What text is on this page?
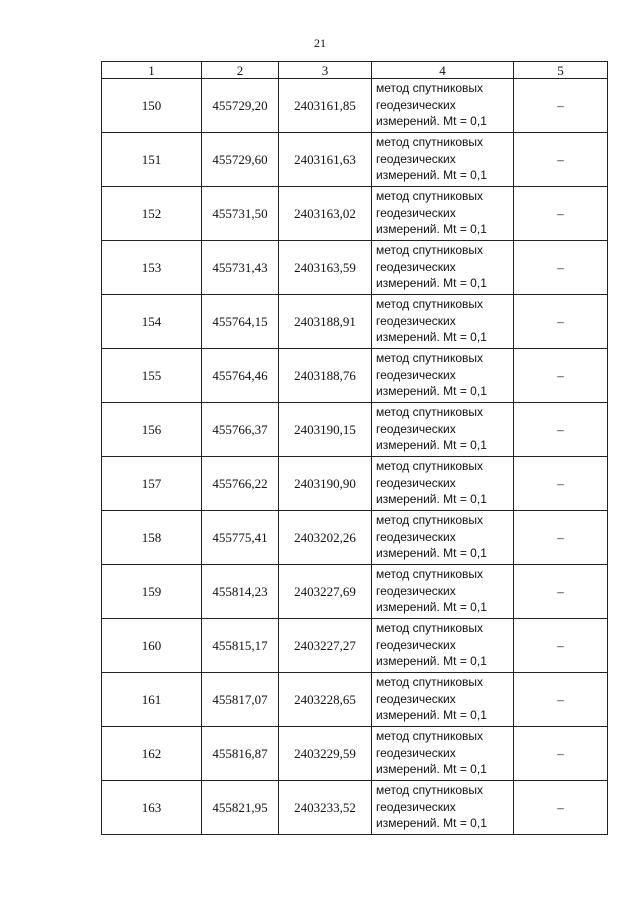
21
1	2	3	4	5
150	455729,20	2403161,85	метод спутниковых
геодезических
измерений. Mt = 0,1	–
151	455729,60	2403161,63	метод спутниковых
геодезических
измерений. Mt = 0,1	–
152	455731,50	2403163,02	метод спутниковых
геодезических
измерений. Mt = 0,1	–
153	455731,43	2403163,59	метод спутниковых
геодезических
измерений. Mt = 0,1	–
154	455764,15	2403188,91	метод спутниковых
геодезических
измерений. Mt = 0,1	–
155	455764,46	2403188,76	метод спутниковых
геодезических
измерений. Mt = 0,1	–
156	455766,37	2403190,15	метод спутниковых
геодезических
измерений. Mt = 0,1	–
157	455766,22	2403190,90	метод спутниковых
геодезических
измерений. Mt = 0,1	–
158	455775,41	2403202,26	метод спутниковых
геодезических
измерений. Mt = 0,1	–
159	455814,23	2403227,69	метод спутниковых
геодезических
измерений. Mt = 0,1	–
160	455815,17	2403227,27	метод спутниковых
геодезических
измерений. Mt = 0,1	–
161	455817,07	2403228,65	метод спутниковых
геодезических
измерений. Mt = 0,1	–
162	455816,87	2403229,59	метод спутниковых
геодезических
измерений. Mt = 0,1	–
163	455821,95	2403233,52	метод спутниковых
геодезических
измерений. Mt = 0,1	–
